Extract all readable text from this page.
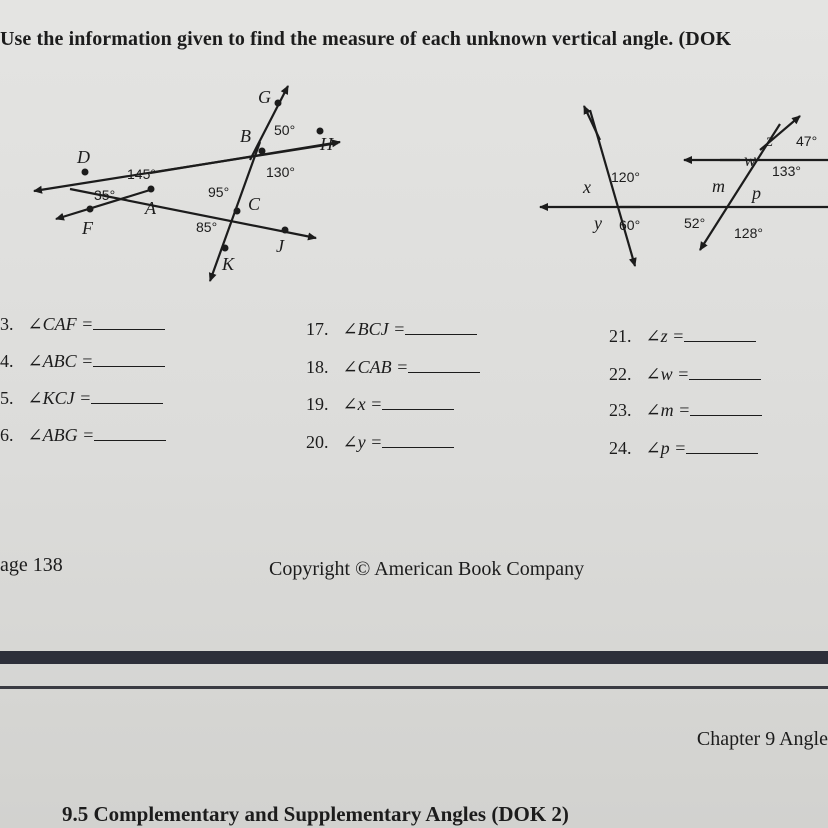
Use the information given to find the measure of each unknown vertical angle. (DOK
G
B	H
D
A	C
F
J
K
50°
145°	130°
35°	95°
85°
z 47°
w
133°
120°
x	m p
y 60°	52°
128°
3. ∠CAF =
4. ∠ABC =
5. ∠KCJ =
6. ∠ABG =
17. ∠BCJ =
18. ∠CAB =
19. ∠x =
20. ∠y =
21. ∠z =
22. ∠w =
23. ∠m =
24. ∠p =
age 138	Copyright © American Book Company
Chapter 9 Angle
9.5 Complementary and Supplementary Angles (DOK 2)
